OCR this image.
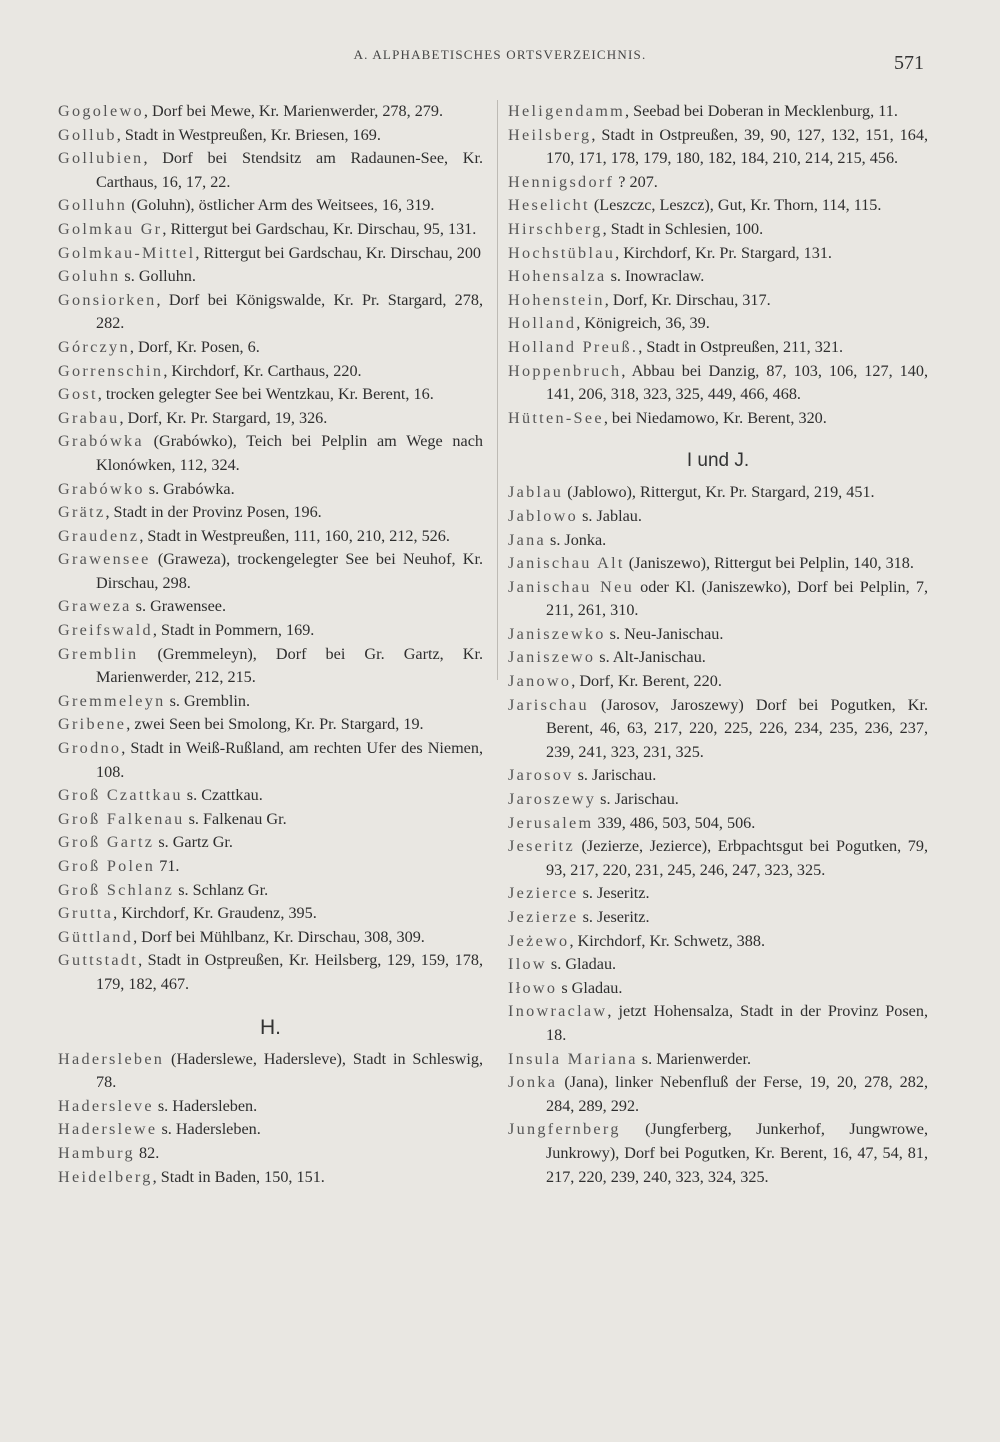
A. ALPHABETISCHES ORTSVERZEICHNIS.	571
Gogolewo, Dorf bei Mewe, Kr. Marienwerder, 278, 279.
Gollub, Stadt in Westpreußen, Kr. Briesen, 169.
Gollubien, Dorf bei Stendsitz am Radaunen-See, Kr. Carthaus, 16, 17, 22.
Golluhn (Goluhn), östlicher Arm des Weitsees, 16, 319.
Golmkau Gr, Rittergut bei Gardschau, Kr. Dirschau, 95, 131.
Golmkau-Mittel, Rittergut bei Gardschau, Kr. Dirschau, 200
Goluhn s. Golluhn.
Gonsiorken, Dorf bei Königswalde, Kr. Pr. Stargard, 278, 282.
Górczyn, Dorf, Kr. Posen, 6.
Gorrenschin, Kirchdorf, Kr. Carthaus, 220.
Gost, trocken gelegter See bei Wentzkau, Kr. Berent, 16.
Grabau, Dorf, Kr. Pr. Stargard, 19, 326.
Grabówka (Grabówko), Teich bei Pelplin am Wege nach Klonówken, 112, 324.
Grabówko s. Grabówka.
Grätz, Stadt in der Provinz Posen, 196.
Graudenz, Stadt in Westpreußen, 111, 160, 210, 212, 526.
Grawensee (Graweza), trockengelegter See bei Neuhof, Kr. Dirschau, 298.
Graweza s. Grawensee.
Greifswald, Stadt in Pommern, 169.
Gremblin (Gremmeleyn), Dorf bei Gr. Gartz, Kr. Marienwerder, 212, 215.
Gremmeleyn s. Gremblin.
Gribene, zwei Seen bei Smolong, Kr. Pr. Stargard, 19.
Grodno, Stadt in Weiß-Rußland, am rechten Ufer des Niemen, 108.
Groß Czattkau s. Czattkau.
Groß Falkenau s. Falkenau Gr.
Groß Gartz s. Gartz Gr.
Groß Polen 71.
Groß Schlanz s. Schlanz Gr.
Grutta, Kirchdorf, Kr. Graudenz, 395.
Güttland, Dorf bei Mühlbanz, Kr. Dirschau, 308, 309.
Guttstadt, Stadt in Ostpreußen, Kr. Heilsberg, 129, 159, 178, 179, 182, 467.
H.
Hadersleben (Haderslewe, Hadersleve), Stadt in Schleswig, 78.
Hadersleve s. Hadersleben.
Haderslewe s. Hadersleben.
Hamburg 82.
Heidelberg, Stadt in Baden, 150, 151.
Heligendamm, Seebad bei Doberan in Mecklenburg, 11.
Heilsberg, Stadt in Ostpreußen, 39, 90, 127, 132, 151, 164, 170, 171, 178, 179, 180, 182, 184, 210, 214, 215, 456.
Hennigsdorf ? 207.
Heselicht (Leszczc, Leszcz), Gut, Kr. Thorn, 114, 115.
Hirschberg, Stadt in Schlesien, 100.
Hochstüblau, Kirchdorf, Kr. Pr. Stargard, 131.
Hohensalza s. Inowraclaw.
Hohenstein, Dorf, Kr. Dirschau, 317.
Holland, Königreich, 36, 39.
Holland Preuß., Stadt in Ostpreußen, 211, 321.
Hoppenbruch, Abbau bei Danzig, 87, 103, 106, 127, 140, 141, 206, 318, 323, 325, 449, 466, 468.
Hütten-See, bei Niedamowo, Kr. Berent, 320.
I und J.
Jablau (Jablowo), Rittergut, Kr. Pr. Stargard, 219, 451.
Jablowo s. Jablau.
Jana s. Jonka.
Janischau Alt (Janiszewo), Rittergut bei Pelplin, 140, 318.
Janischau Neu oder Kl. (Janiszewko), Dorf bei Pelplin, 7, 211, 261, 310.
Janiszewko s. Neu-Janischau.
Janiszewo s. Alt-Janischau.
Janowo, Dorf, Kr. Berent, 220.
Jarischau (Jarosov, Jaroszewy) Dorf bei Pogutken, Kr. Berent, 46, 63, 217, 220, 225, 226, 234, 235, 236, 237, 239, 241, 323, 231, 325.
Jarosov s. Jarischau.
Jaroszewy s. Jarischau.
Jerusalem 339, 486, 503, 504, 506.
Jeseritz (Jezierze, Jezierce), Erbpachtsgut bei Pogutken, 79, 93, 217, 220, 231, 245, 246, 247, 323, 325.
Jezierce s. Jeseritz.
Jezierze s. Jeseritz.
Jeżewo, Kirchdorf, Kr. Schwetz, 388.
Ilow s. Gladau.
Iłowo s Gladau.
Inowraclaw, jetzt Hohensalza, Stadt in der Provinz Posen, 18.
Insula Mariana s. Marienwerder.
Jonka (Jana), linker Nebenfluß der Ferse, 19, 20, 278, 282, 284, 289, 292.
Jungfernberg (Jungferberg, Junkerhof, Jungwrowe, Junkrowy), Dorf bei Pogutken, Kr. Berent, 16, 47, 54, 81, 217, 220, 239, 240, 323, 324, 325.
